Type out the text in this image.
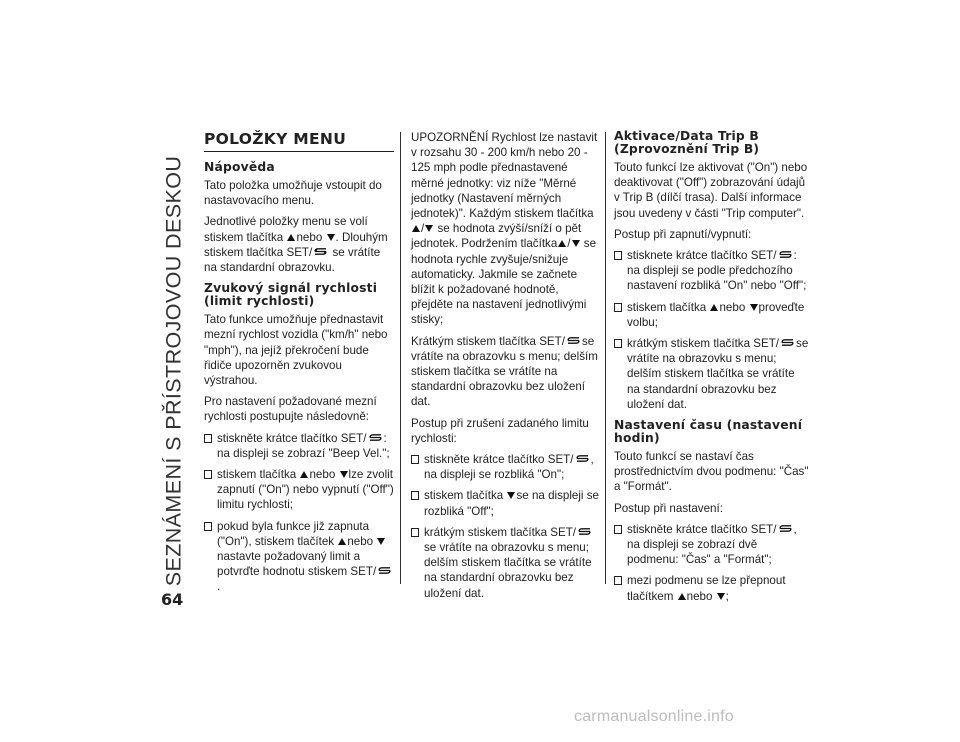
SEZNÁMENÍ S PŘÍSTROJOVOU DESKOU
POLOŽKY MENU
Nápověda

Tato položka umožňuje vstoupit do nastavovacího menu.

Jednotlivé položky menu se volí stiskem tlačítka nebo . Dlouhým stiskem tlačítka SET/ se vrátíte na standardní obrazovku.

Zvukový signál rychlosti (limit rychlosti)

Tato funkce umožňuje přednastavit mezní rychlost vozidla ("km/h" nebo "mph"), na jejíž překročení bude řidiče upozorněn zvukovou výstrahou.

Pro nastavení požadované mezní rychlosti postupujte následovně:

stiskněte krátce tlačítko SET/ : na displeji se zobrazí "Beep Vel.";
stiskem tlačítka nebo lze zvolit zapnutí ("On") nebo vypnutí ("Off") limitu rychlosti;
pokud byla funkce již zapnuta ("On"), stiskem tlačítek nebo nastavte požadovaný limit a potvrďte hodnotu stiskem SET/.

UPOZORNĚNÍ Rychlost lze nastavit v rozsahu 30 - 200 km/h nebo 20 - 125 mph podle přednastavené měrné jednotky: viz níže "Měrné jednotky (Nastavení měrných jednotek)". Každým stiskem tlačítka/ se hodnota zvýší/sníží o pět jednotek. Podržením tlačítka / se hodnota rychle zvyšuje/snižuje automaticky. Jakmile se začnete blížit k požadované hodnotě, přejděte na nastavení jednotlivými stisky;

Krátkým stiskem tlačítka SET/ se vrátíte na obrazovku s menu; delším stiskem tlačítka se vrátíte na standardní obrazovku bez uložení dat.

Postup při zrušení zadaného limitu rychlosti:

stiskněte krátce tlačítko SET/ , na displeji se rozbliká "On";
stiskem tlačítka se na displeji se rozbliká "Off";
krátkým stiskem tlačítka SET/se vrátíte na obrazovku s menu; delším stiskem tlačítka se vrátíte na standardní obrazovku bez uložení dat.
Aktivace/Data Trip B (Zprovoznění Trip B)

Touto funkcí lze aktivovat ("On") nebo deaktivovat ("Off") zobrazování údajů v Trip B (dílčí trasa). Další informace jsou uvedeny v části "Trip computer".

Postup při zapnutí/vypnutí:

stisknete krátce tlačítko SET/ : na displeji se podle předchozího nastavení rozbliká "On" nebo "Off";
stiskem tlačítka nebo proveďte volbu;
krátkým stiskem tlačítka SET/ se vrátíte na obrazovku s menu; delším stiskem tlačítka se vrátíte na standardní obrazovku bez uložení dat.
Nastavení času (nastavení hodin)

Touto funkcí se nastaví čas prostřednictvím dvou podmenu: "Čas" a "Formát".

Postup při nastavení:

stiskněte krátce tlačítko SET/ , na displeji se zobrazí dvě podmenu: "Čas" a "Formát";
mezi podmenu se lze přepnout tlačítkem nebo ;
64
carmanualsonline.info
